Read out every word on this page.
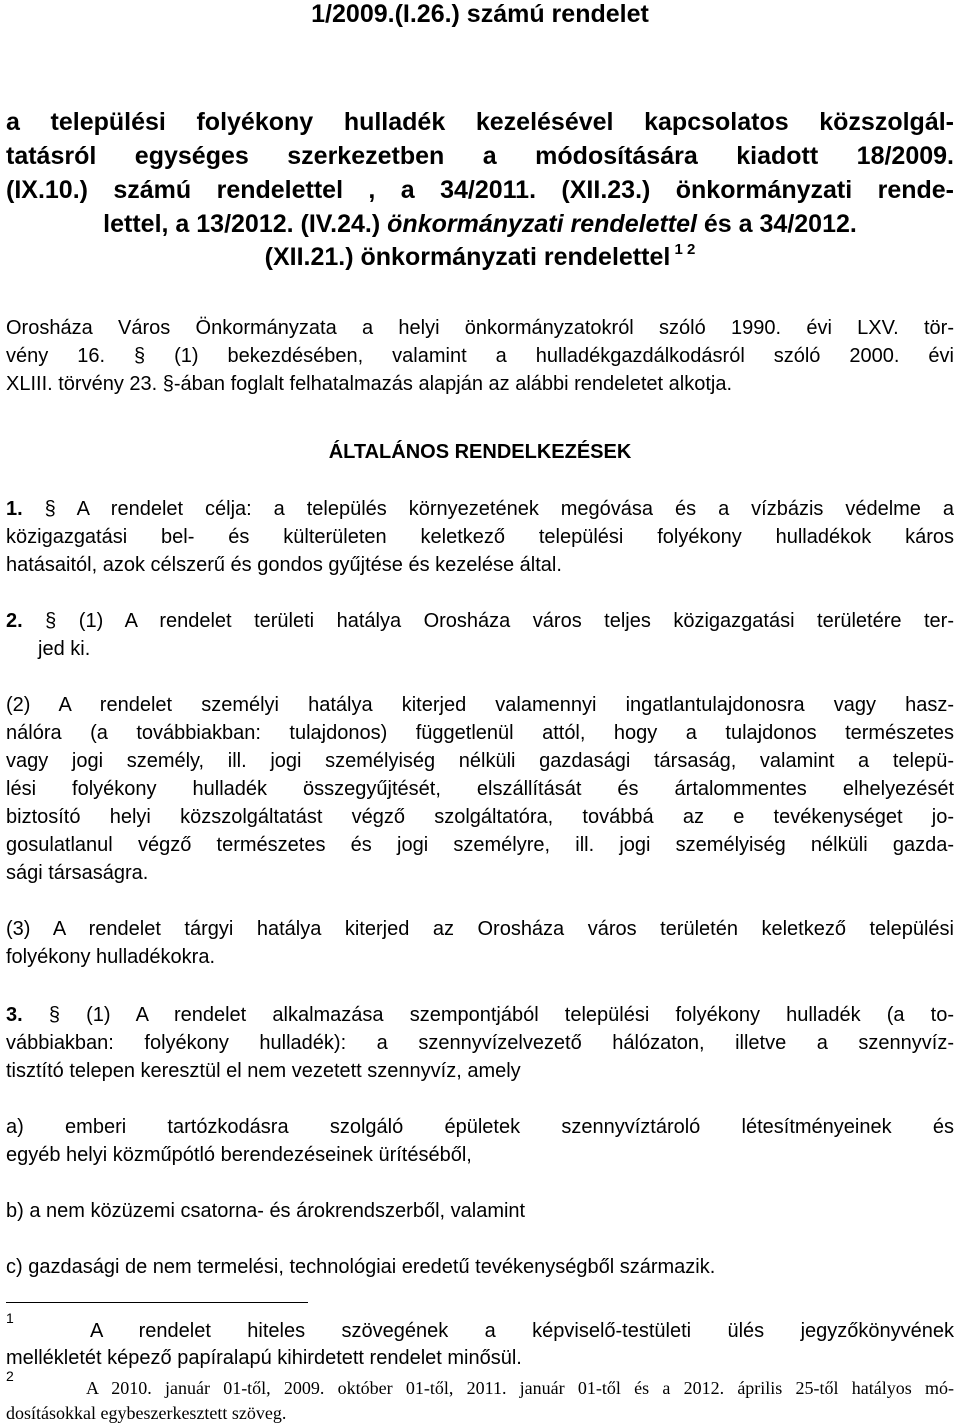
1/2009.(I.26.) számú rendelet
a települési folyékony hulladék kezelésével kapcsolatos közszolgál-
tatásról egységes szerkezetben a módosítására kiadott 18/2009.
(IX.10.) számú rendelettel , a 34/2011. (XII.23.) önkormányzati rende-
lettel, a 13/2012. (IV.24.) önkormányzati rendelettel és a 34/2012.
(XII.21.) önkormányzati rendelettel $^1$ $^2$
Orosháza Város Önkormányzata a helyi önkormányzatokról szóló 1990. évi LXV. tör-
vény 16. § (1) bekezdésében, valamint a hulladékgazdálkodásról szóló 2000. évi
XLIII. törvény 23. §-ában foglalt felhatalmazás alapján az alábbi rendeletet alkotja.
ÁLTALÁNOS RENDELKEZÉSEK
1. § A rendelet célja: a település környezetének megóvása és a vízbázis védelme a
közigazgatási bel- és külterületen keletkező települési folyékony hulladékok káros
hatásaitól, azok célszerű és gondos gyűjtése és kezelése által.
2. § (1) A rendelet területi hatálya Orosháza város teljes közigazgatási területére ter-
jed ki.
(2) A rendelet személyi hatálya kiterjed valamennyi ingatlantulajdonosra vagy hasz-
nálóra (a továbbiakban: tulajdonos) függetlenül attól, hogy a tulajdonos természetes
vagy jogi személy, ill. jogi személyiség nélküli gazdasági társaság, valamint a telepü-
lési folyékony hulladék összegyűjtését, elszállítását és ártalommentes elhelyezését
biztosító helyi közszolgáltatást végző szolgáltatóra, továbbá az e tevékenységet jo-
gosulatlanul végző természetes és jogi személyre, ill. jogi személyiség nélküli gazda-
sági társaságra.
(3) A rendelet tárgyi hatálya kiterjed az Orosháza város területén keletkező települési
folyékony hulladékokra.
3. § (1) A rendelet alkalmazása szempontjából települési folyékony hulladék (a to-
vábbiakban: folyékony hulladék): a szennyvízelvezető hálózaton, illetve a szennyvíz-
tisztító telepen keresztül el nem vezetett szennyvíz, amely
a) emberi tartózkodásra szolgáló épületek szennyvíztároló létesítményeinek és
egyéb helyi közműpótló berendezéseinek ürítéséből,
b) a nem közüzemi csatorna- és árokrendszerből, valamint
c) gazdasági de nem termelési, technológiai eredetű tevékenységből származik.
1
A rendelet hiteles szövegének a képviselő-testületi ülés jegyzőkönyvének
mellékletét képező papíralapú kihirdetett rendelet minősül.
2
A 2010. január 01-től, 2009. október 01-től, 2011. január 01-től és a 2012. április 25-től hatályos mó-
dosításokkal egybeszerkesztett szöveg.
